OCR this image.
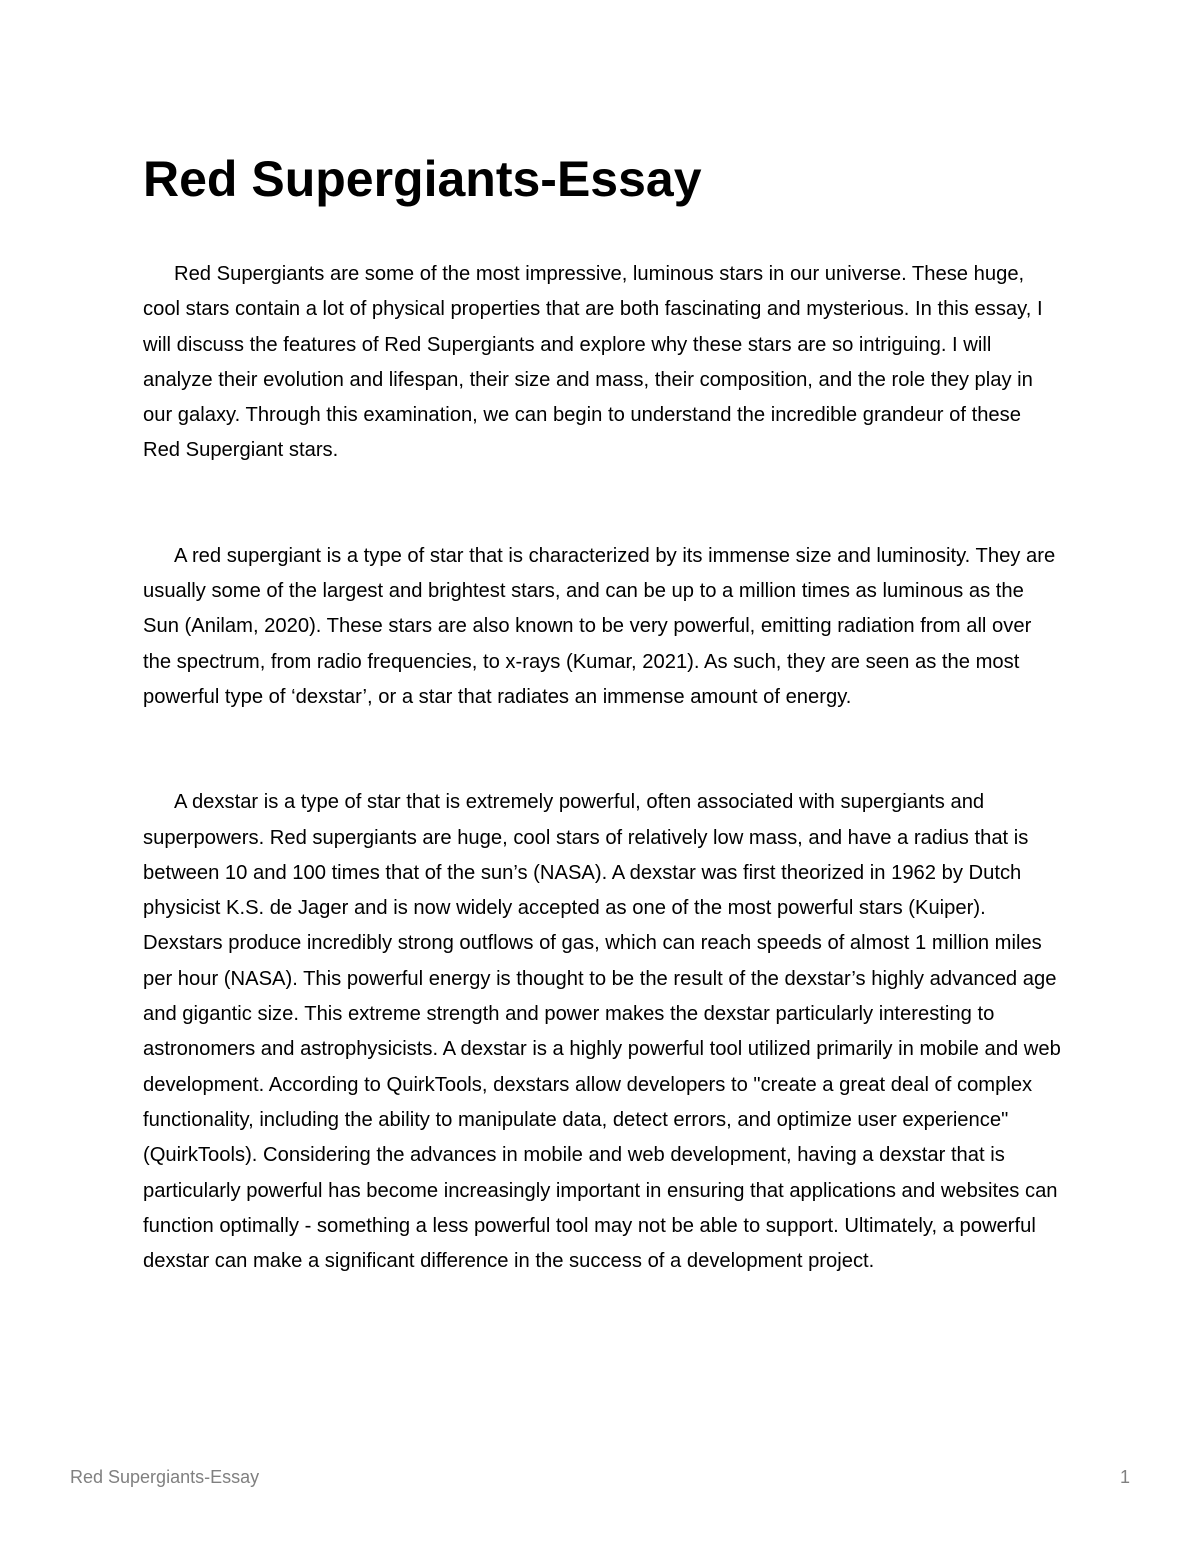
Red Supergiants-Essay

Red Supergiants are some of the most impressive, luminous stars in our universe. These huge, cool stars contain a lot of physical properties that are both fascinating and mysterious. In this essay, I will discuss the features of Red Supergiants and explore why these stars are so intriguing. I will analyze their evolution and lifespan, their size and mass, their composition, and the role they play in our galaxy. Through this examination, we can begin to understand the incredible grandeur of these Red Supergiant stars.

A red supergiant is a type of star that is characterized by its immense size and luminosity. They are usually some of the largest and brightest stars, and can be up to a million times as luminous as the Sun (Anilam, 2020). These stars are also known to be very powerful, emitting radiation from all over the spectrum, from radio frequencies, to x-rays (Kumar, 2021). As such, they are seen as the most powerful type of ‘dexstar’, or a star that radiates an immense amount of energy.

A dexstar is a type of star that is extremely powerful, often associated with supergiants and superpowers. Red supergiants are huge, cool stars of relatively low mass, and have a radius that is between 10 and 100 times that of the sun’s (NASA). A dexstar was first theorized in 1962 by Dutch physicist K.S. de Jager and is now widely accepted as one of the most powerful stars (Kuiper). Dexstars produce incredibly strong outflows of gas, which can reach speeds of almost 1 million miles per hour (NASA). This powerful energy is thought to be the result of the dexstar’s highly advanced age and gigantic size. This extreme strength and power makes the dexstar particularly interesting to astronomers and astrophysicists. A dexstar is a highly powerful tool utilized primarily in mobile and web development. According to QuirkTools, dexstars allow developers to "create a great deal of complex functionality, including the ability to manipulate data, detect errors, and optimize user experience" (QuirkTools). Considering the advances in mobile and web development, having a dexstar that is particularly powerful has become increasingly important in ensuring that applications and websites can function optimally - something a less powerful tool may not be able to support. Ultimately, a powerful dexstar can make a significant difference in the success of a development project.

Red Supergiants-Essay	1
